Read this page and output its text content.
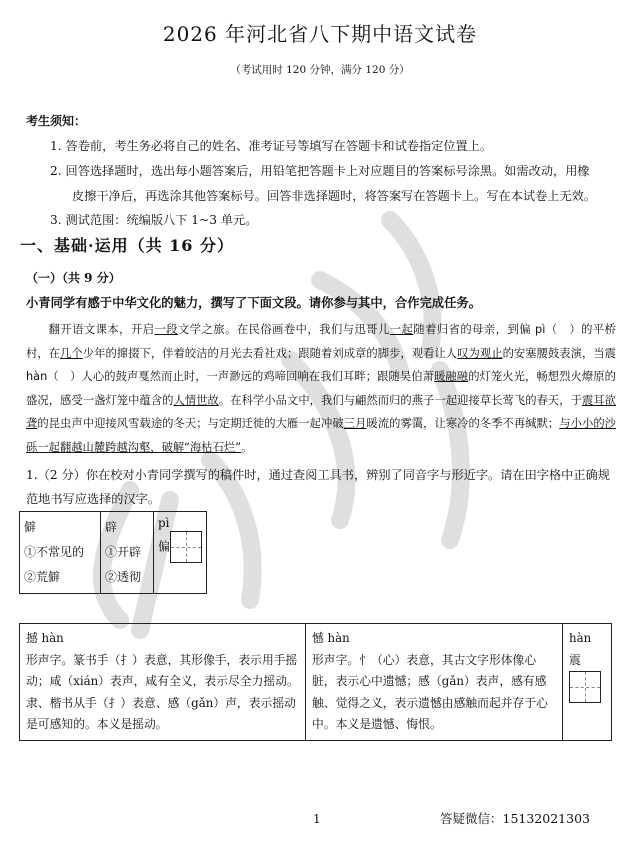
2026 年河北省八下期中语文试卷
（考试用时 120 分钟，满分 120 分）
考生须知：
1. 答卷前，考生务必将自己的姓名、准考证号等填写在答题卡和试卷指定位置上。
2. 回答选择题时，选出每小题答案后，用铅笔把答题卡上对应题目的答案标号涂黑。如需改动，用橡
皮擦干净后，再选涂其他答案标号。回答非选择题时，将答案写在答题卡上。写在本试卷上无效。
3. 测试范围：统编版八下 1~3 单元。
一、基础·运用（共 16 分）
（一）（共 9 分）
小青同学有感于中华文化的魅力，撰写了下面文段。请你参与其中，合作完成任务。

翻开语文课本，开启一段文学之旅。在民俗画卷中，我们与迅哥儿一起随着归省的母亲，到偏 pì（　）的平桥村，在几个少年的撺掇下，伴着皎洁的月光去看社戏；跟随着刘成章的脚步，观看让人叹为观止的安塞腰鼓表演，当震 hàn（　）人心的鼓声戛然而止时，一声渺远的鸡啼回响在我们耳畔；跟随吴伯萧暖融融的灯笼火光，畅想烈火燎原的盛况，感受一盏灯笼中蕴含的人情世故。在科学小品文中，我们与翩然而归的燕子一起迎接草长莺飞的春天，于震耳欲聋的昆虫声中迎接风雪载途的冬天；与定期迁徙的大雁一起冲破三月暖流的雾霭，让寒冷的冬季不再缄默；与小小的沙砾一起翻越山麓跨越沟壑，破解“海枯石烂”。

1.（2 分）你在校对小青同学撰写的稿件时，通过查阅工具书，辨别了同音字与形近字。请在田字格中正确规范地书写应选择的汉字。
僻
①不常见的
②荒僻

辟
①开辟
②透彻

pì
偏
撼 hàn
形声字。篆书手（扌）表意，其形像手，表示用手摇动；咸（xián）表声，咸有全义，表示尽全力摇动。隶、楷书从手（扌）表意、感（gǎn）声，表示摇动是可感知的。本义是摇动。

憾 hàn
形声字。忄（心）表意，其古文字形体像心脏，表示心中遗憾；感（gǎn）表声，感有感触、觉得之义，表示遗憾由感触而起并存于心中。本义是遗憾、悔恨。

hàn
震
1	答疑微信：15132021303
